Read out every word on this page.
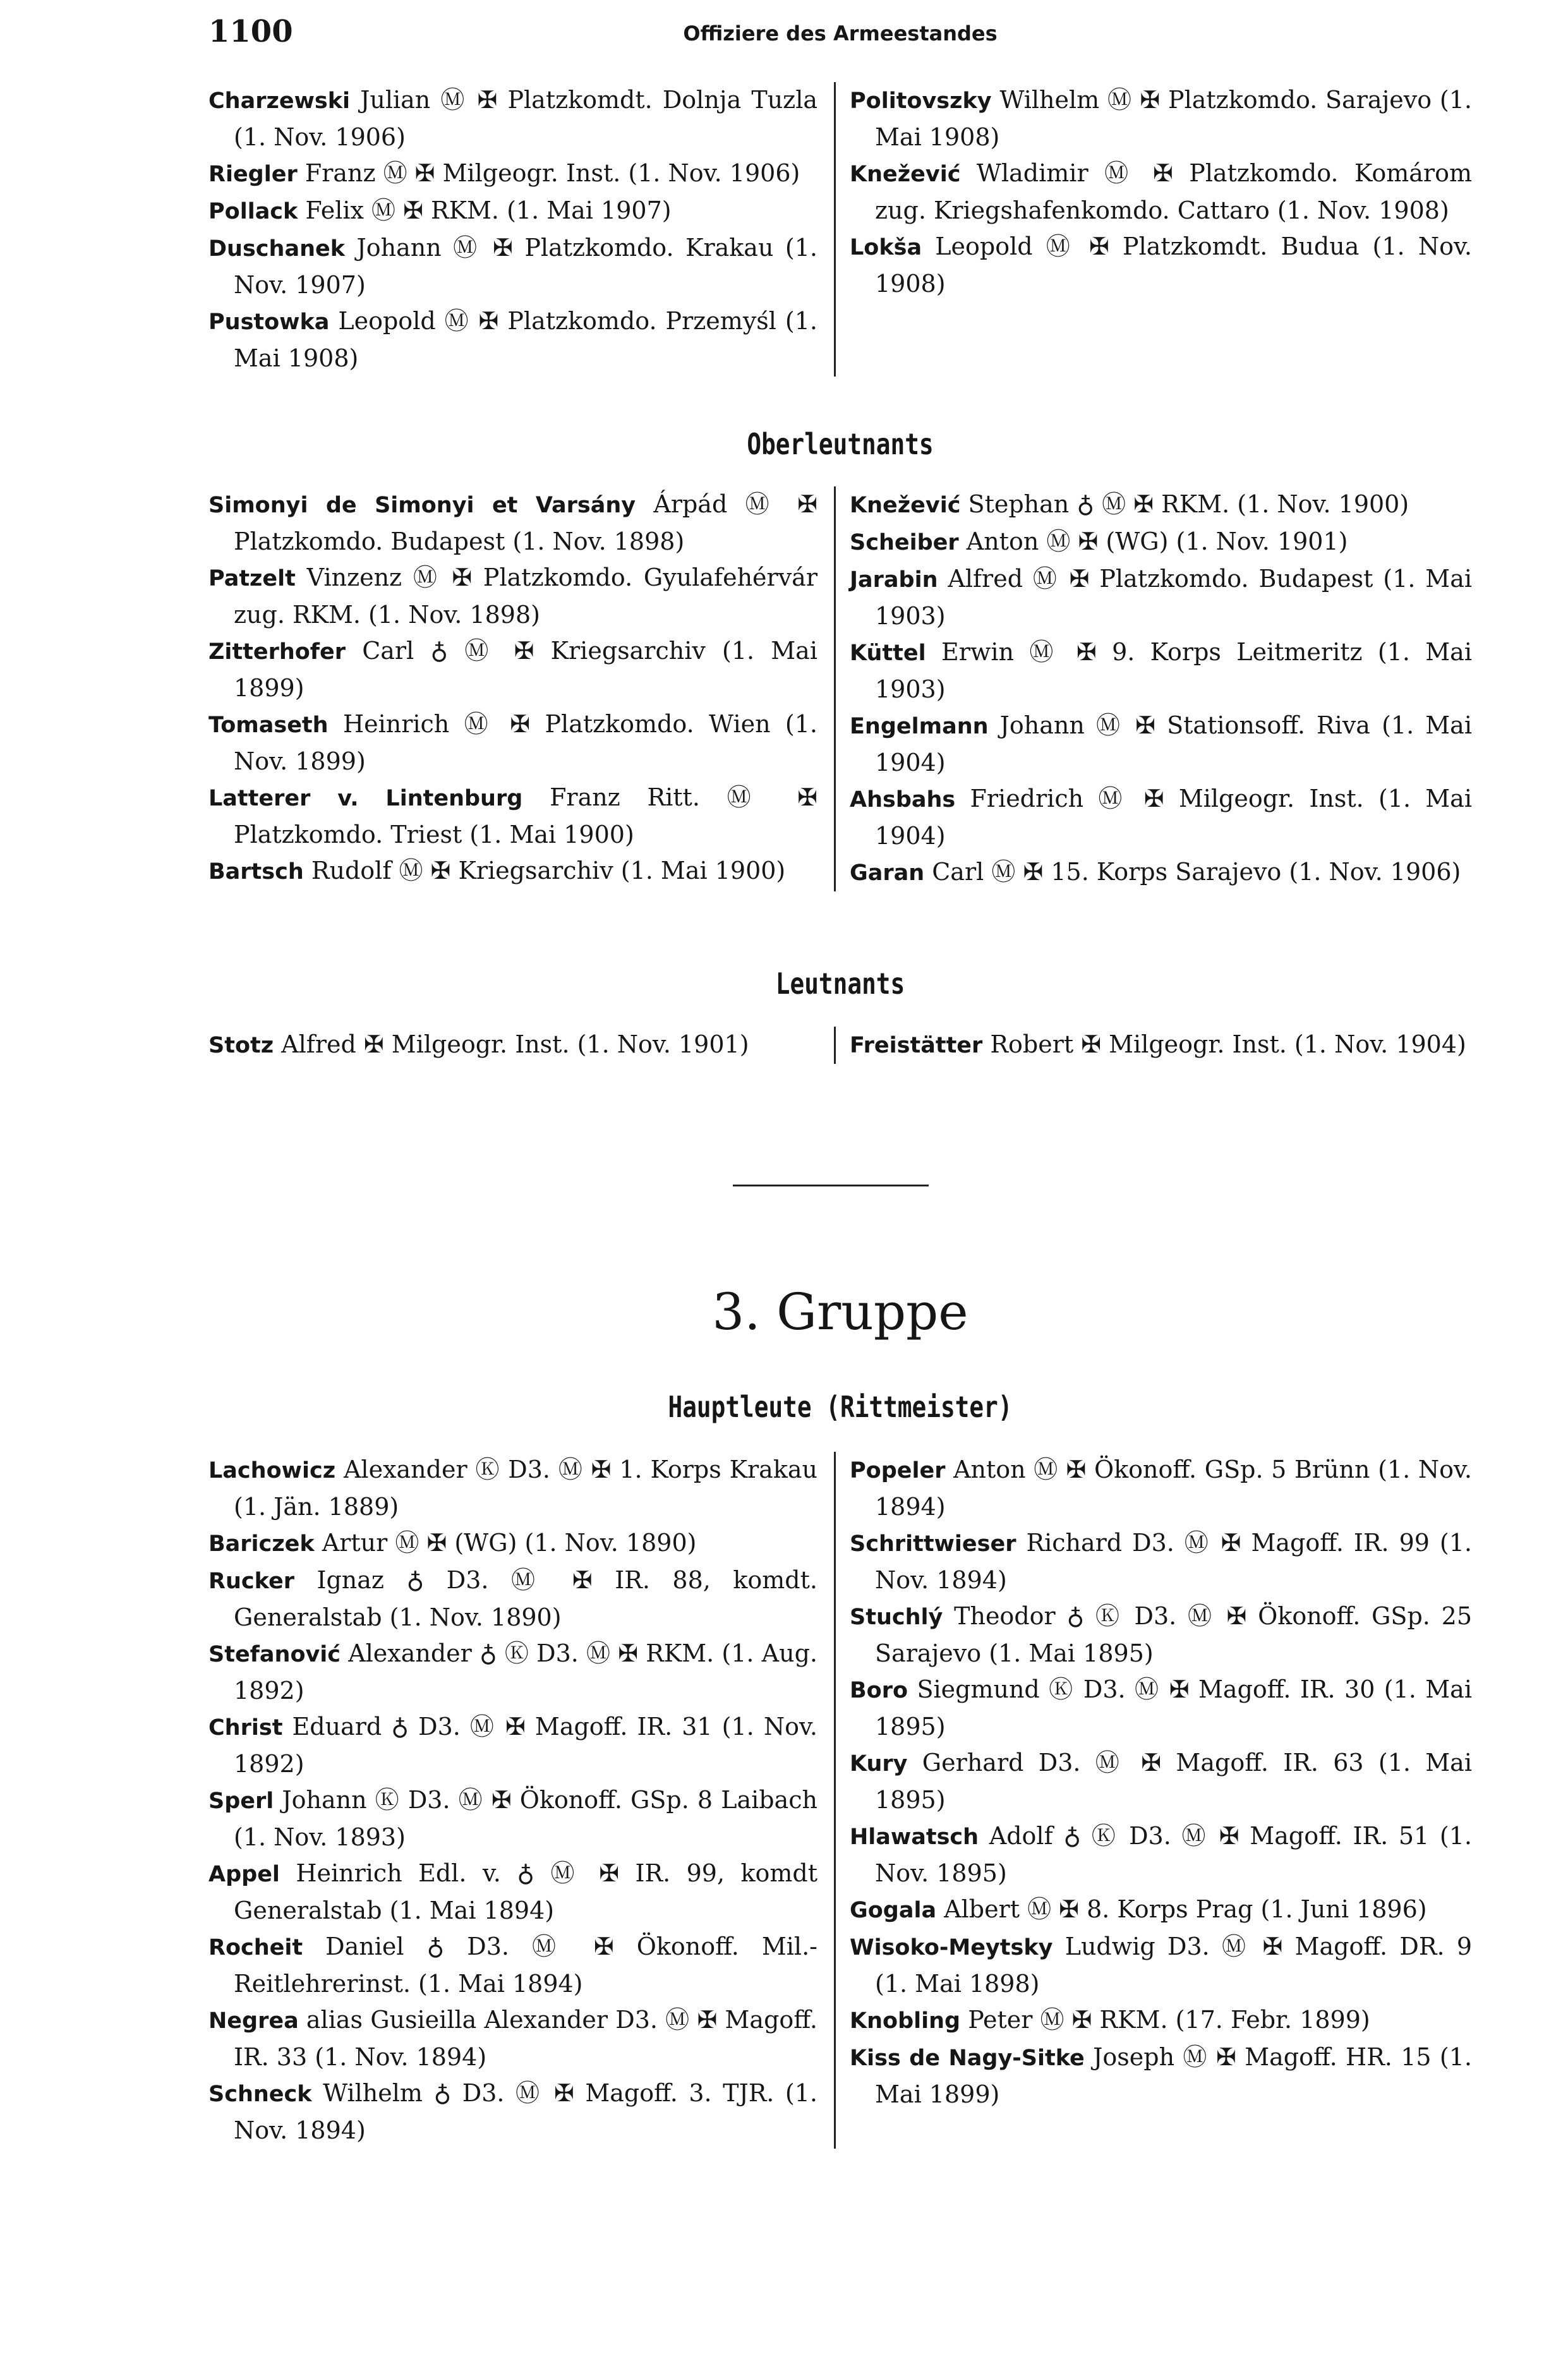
1100	Offiziere des Armeestandes
Charzewski Julian Ⓜ ✠ Platzkomdt. Dolnja Tuzla (1. Nov. 1906)
Riegler Franz Ⓜ ✠ Milgeogr. Inst. (1. Nov. 1906)
Pollack Felix Ⓜ ✠ RKM. (1. Mai 1907)
Duschanek Johann Ⓜ ✠ Platzkomdo. Krakau (1. Nov. 1907)
Pustowka Leopold Ⓜ ✠ Platzkomdo. Przemyśl (1. Mai 1908)
Politovszky Wilhelm Ⓜ ✠ Platzkomdo. Sarajevo (1. Mai 1908)
Knežević Wladimir Ⓜ ✠ Platzkomdo. Komárom zug. Kriegshafenkomdo. Cattaro (1. Nov. 1908)
Lokša Leopold Ⓜ ✠ Platzkomdt. Budua (1. Nov. 1908)
Oberleutnants
Simonyi de Simonyi et Varsány Árpád Ⓜ ✠ Platzkomdo. Budapest (1. Nov. 1898)
Patzelt Vinzenz Ⓜ ✠ Platzkomdo. Gyulafehérvár zug. RKM. (1. Nov. 1898)
Zitterhofer Carl ♁ Ⓜ ✠ Kriegsarchiv (1. Mai 1899)
Tomaseth Heinrich Ⓜ ✠ Platzkomdo. Wien (1. Nov. 1899)
Latterer v. Lintenburg Franz Ritt. Ⓜ ✠ Platzkomdo. Triest (1. Mai 1900)
Bartsch Rudolf Ⓜ ✠ Kriegsarchiv (1. Mai 1900)
Knežević Stephan ♁ Ⓜ ✠ RKM. (1. Nov. 1900)
Scheiber Anton Ⓜ ✠ (WG) (1. Nov. 1901)
Jarabin Alfred Ⓜ ✠ Platzkomdo. Budapest (1. Mai 1903)
Küttel Erwin Ⓜ ✠ 9. Korps Leitmeritz (1. Mai 1903)
Engelmann Johann Ⓜ ✠ Stationsoff. Riva (1. Mai 1904)
Ahsbahs Friedrich Ⓜ ✠ Milgeogr. Inst. (1. Mai 1904)
Garan Carl Ⓜ ✠ 15. Korps Sarajevo (1. Nov. 1906)
Leutnants
Stotz Alfred ✠ Milgeogr. Inst. (1. Nov. 1901)	Freistätter Robert ✠ Milgeogr. Inst. (1. Nov. 1904)
3. Gruppe
Hauptleute (Rittmeister)
Lachowicz Alexander Ⓚ D3. Ⓜ ✠ 1. Korps Krakau (1. Jän. 1889)
Bariczek Artur Ⓜ ✠ (WG) (1. Nov. 1890)
Rucker Ignaz ♁ D3. Ⓜ ✠ IR. 88, komdt. Generalstab (1. Nov. 1890)
Stefanović Alexander ♁ Ⓚ D3. Ⓜ ✠ RKM. (1. Aug. 1892)
Christ Eduard ♁ D3. Ⓜ ✠ Magoff. IR. 31 (1. Nov. 1892)
Sperl Johann Ⓚ D3. Ⓜ ✠ Ökonoff. GSp. 8 Laibach (1. Nov. 1893)
Appel Heinrich Edl. v. ♁ Ⓜ ✠ IR. 99, komdt Generalstab (1. Mai 1894)
Rocheit Daniel ♁ D3. Ⓜ ✠ Ökonoff. Mil.-Reitlehrerinst. (1. Mai 1894)
Negrea alias Gusieilla Alexander D3. Ⓜ ✠ Magoff. IR. 33 (1. Nov. 1894)
Schneck Wilhelm ♁ D3. Ⓜ ✠ Magoff. 3. TJR. (1. Nov. 1894)
Popeler Anton Ⓜ ✠ Ökonoff. GSp. 5 Brünn (1. Nov. 1894)
Schrittwieser Richard D3. Ⓜ ✠ Magoff. IR. 99 (1. Nov. 1894)
Stuchlý Theodor ♁ Ⓚ D3. Ⓜ ✠ Ökonoff. GSp. 25 Sarajevo (1. Mai 1895)
Boro Siegmund Ⓚ D3. Ⓜ ✠ Magoff. IR. 30 (1. Mai 1895)
Kury Gerhard D3. Ⓜ ✠ Magoff. IR. 63 (1. Mai 1895)
Hlawatsch Adolf ♁ Ⓚ D3. Ⓜ ✠ Magoff. IR. 51 (1. Nov. 1895)
Gogala Albert Ⓜ ✠ 8. Korps Prag (1. Juni 1896)
Wisoko-Meytsky Ludwig D3. Ⓜ ✠ Magoff. DR. 9 (1. Mai 1898)
Knobling Peter Ⓜ ✠ RKM. (17. Febr. 1899)
Kiss de Nagy-Sitke Joseph Ⓜ ✠ Magoff. HR. 15 (1. Mai 1899)
